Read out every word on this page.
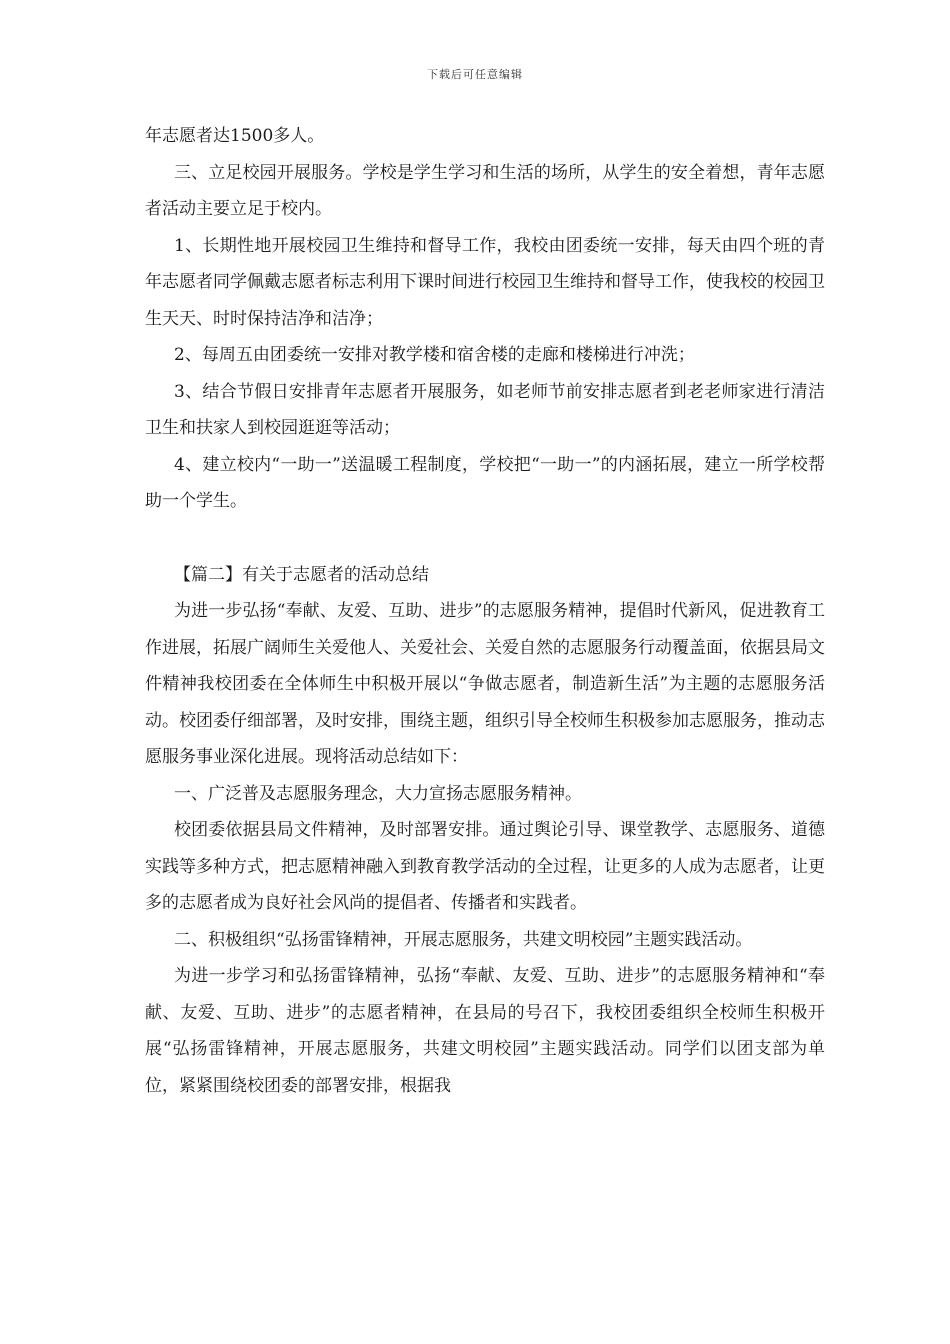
下载后可任意编辑

年志愿者达1500多人。

三、立足校园开展服务。学校是学生学习和生活的场所，从学生的安全着想，青年志愿者活动主要立足于校内。

1、长期性地开展校园卫生维持和督导工作，我校由团委统一安排，每天由四个班的青年志愿者同学佩戴志愿者标志利用下课时间进行校园卫生维持和督导工作，使我校的校园卫生天天、时时保持洁净和洁净；

2、每周五由团委统一安排对教学楼和宿舍楼的走廊和楼梯进行冲洗；

3、结合节假日安排青年志愿者开展服务，如老师节前安排志愿者到老老师家进行清洁卫生和扶家人到校园逛逛等活动；

4、建立校内“一助一”送温暖工程制度，学校把“一助一”的内涵拓展，建立一所学校帮助一个学生。

【篇二】有关于志愿者的活动总结

为进一步弘扬“奉献、友爱、互助、进步”的志愿服务精神，提倡时代新风，促进教育工作进展，拓展广阔师生关爱他人、关爱社会、关爱自然的志愿服务行动覆盖面，依据县局文件精神我校团委在全体师生中积极开展以“争做志愿者，制造新生活”为主题的志愿服务活动。校团委仔细部署，及时安排，围绕主题，组织引导全校师生积极参加志愿服务，推动志愿服务事业深化进展。现将活动总结如下：

一、广泛普及志愿服务理念，大力宣扬志愿服务精神。

校团委依据县局文件精神，及时部署安排。通过舆论引导、课堂教学、志愿服务、道德实践等多种方式，把志愿精神融入到教育教学活动的全过程，让更多的人成为志愿者，让更多的志愿者成为良好社会风尚的提倡者、传播者和实践者。

二、积极组织“弘扬雷锋精神，开展志愿服务，共建文明校园”主题实践活动。

为进一步学习和弘扬雷锋精神，弘扬“奉献、友爱、互助、进步”的志愿服务精神和“奉献、友爱、互助、进步”的志愿者精神，在县局的号召下，我校团委组织全校师生积极开展“弘扬雷锋精神，开展志愿服务，共建文明校园”主题实践活动。同学们以团支部为单位，紧紧围绕校团委的部署安排，根据我
